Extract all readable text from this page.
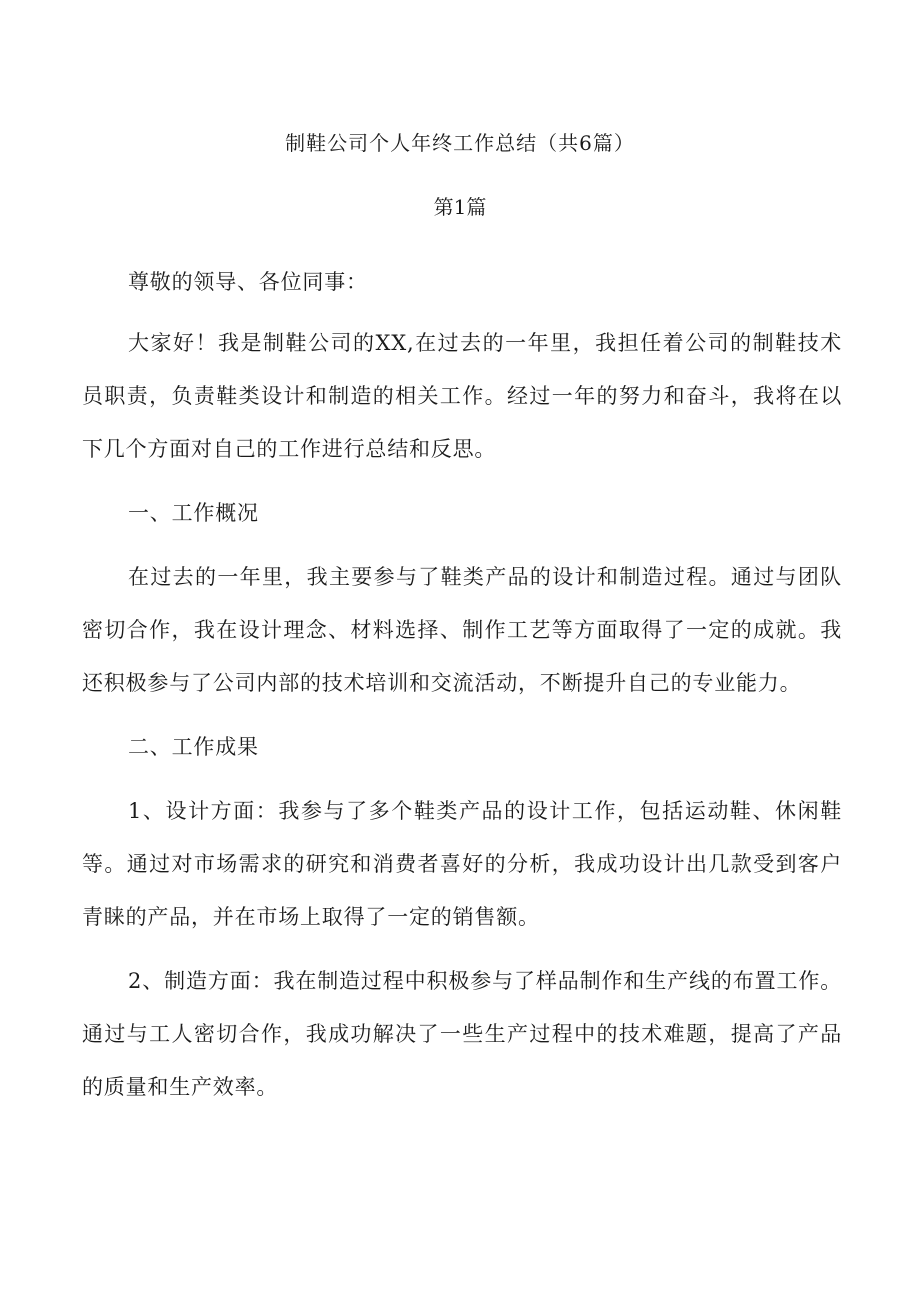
制鞋公司个人年终工作总结（共6篇）
第1篇

尊敬的领导、各位同事：

大家好！我是制鞋公司的XX,在过去的一年里，我担任着公司的制鞋技术员职责，负责鞋类设计和制造的相关工作。经过一年的努力和奋斗，我将在以下几个方面对自己的工作进行总结和反思。

一、工作概况

在过去的一年里，我主要参与了鞋类产品的设计和制造过程。通过与团队密切合作，我在设计理念、材料选择、制作工艺等方面取得了一定的成就。我还积极参与了公司内部的技术培训和交流活动，不断提升自己的专业能力。

二、工作成果

1、设计方面：我参与了多个鞋类产品的设计工作，包括运动鞋、休闲鞋等。通过对市场需求的研究和消费者喜好的分析，我成功设计出几款受到客户青睐的产品，并在市场上取得了一定的销售额。

2、制造方面：我在制造过程中积极参与了样品制作和生产线的布置工作。通过与工人密切合作，我成功解决了一些生产过程中的技术难题，提高了产品的质量和生产效率。
